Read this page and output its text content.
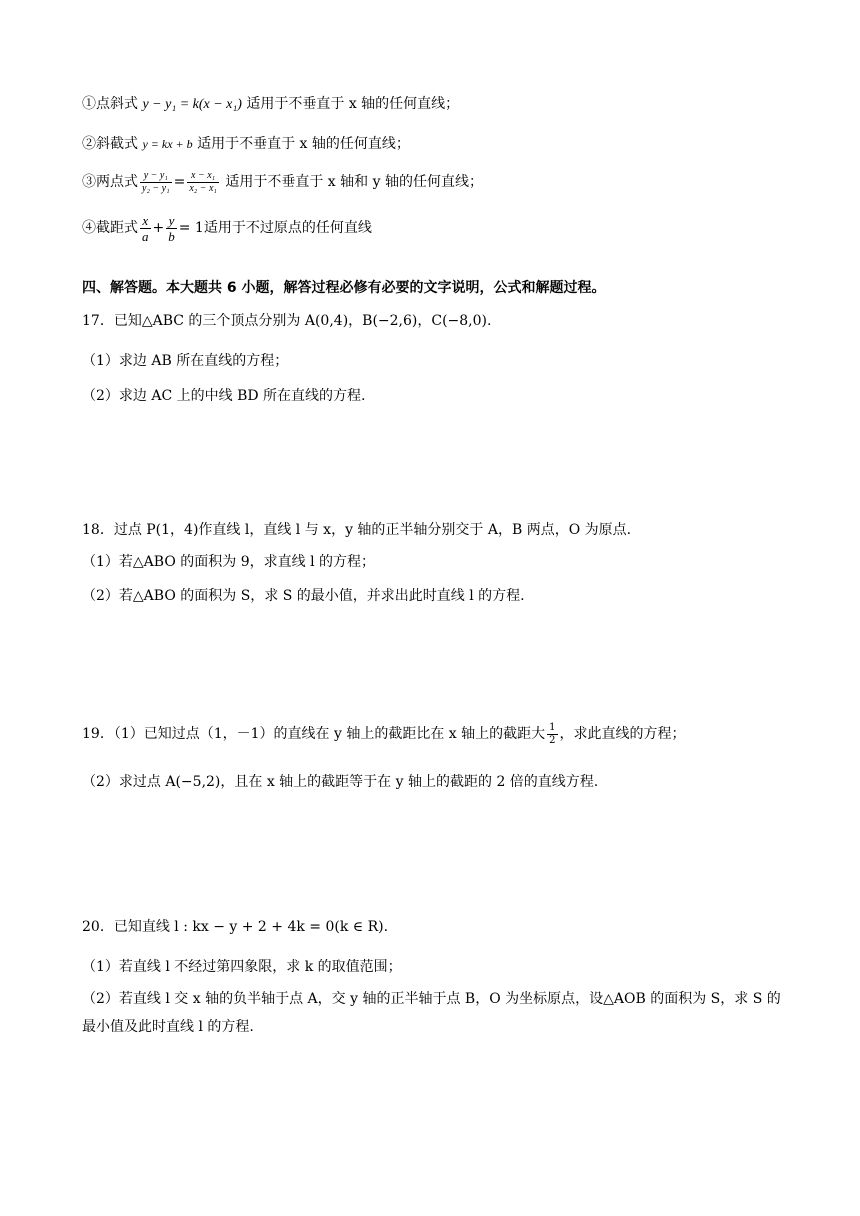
①点斜式 y − y₁ = k(x − x₁) 适用于不垂直于 x 轴的任何直线；
②斜截式 y = kx + b 适用于不垂直于 x 轴的任何直线；
③两点式 $\frac{\text{y − y₁}}{\text{y₂ − y₁}} = \frac{\text{x − x₁}}{\text{x₂ − x₁}}$ 适用于不垂直于 x 轴和 y 轴的任何直线；
④截距式 $\frac{x}{a} + \frac{y}{b} = 1$适用于不过原点的任何直线
四、解答题。本大题共 6 小题，解答过程必修有必要的文字说明，公式和解题过程。
17．已知△ABC 的三个顶点分别为 A(0,4)，B(−2,6)，C(−8,0).
（1）求边 AB 所在直线的方程；
（2）求边 AC 上的中线 BD 所在直线的方程.
18．过点 P(1，4)作直线 l，直线 l 与 x，y 轴的正半轴分别交于 A，B 两点，O 为原点.
（1）若△ABO 的面积为 9，求直线 l 的方程；
（2）若△ABO 的面积为 S，求 S 的最小值，并求出此时直线 l 的方程.
19．（1）已知过点（1，－1）的直线在 y 轴上的截距比在 x 轴上的截距大 $\frac{1}{2}$ ，求此直线的方程；
（2）求过点 A(−5,2)，且在 x 轴上的截距等于在 y 轴上的截距的 2 倍的直线方程.
20．已知直线 l : kx − y + 2 + 4k = 0(k ∈ R).
（1）若直线 l 不经过第四象限，求 k 的取值范围；
（2）若直线 l 交 x 轴的负半轴于点 A，交 y 轴的正半轴于点 B，O 为坐标原点，设△AOB 的面积为 S，求 S 的最小值及此时直线 l 的方程.
